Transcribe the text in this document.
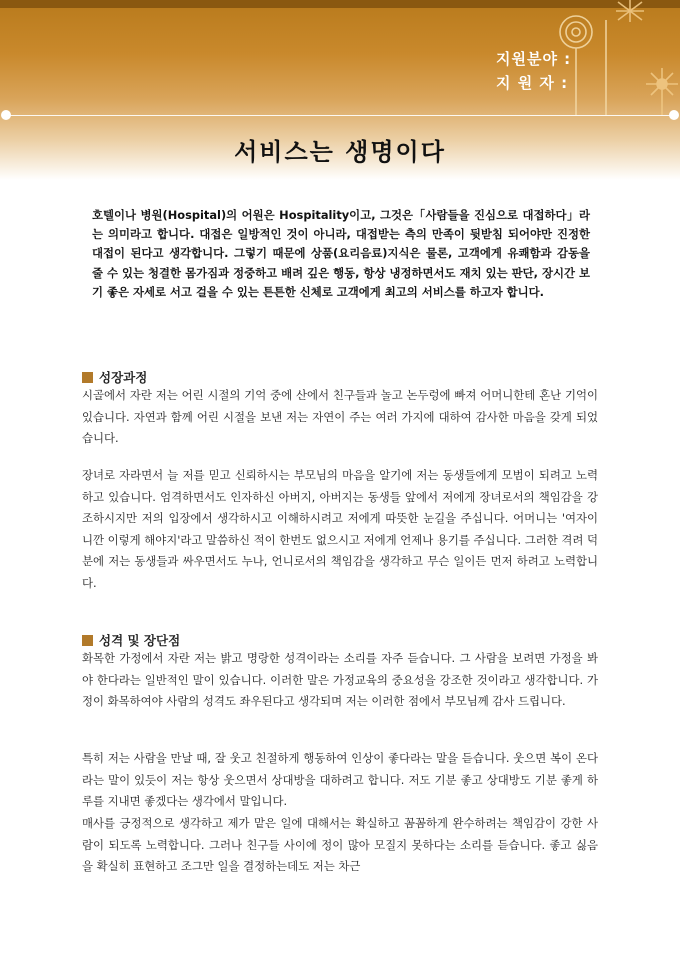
지원분야 :
지 원 자 :
서비스는 생명이다
호텔이나 병원(Hospital)의 어원은 Hospitality이고, 그것은「사람들을 진심으로 대접하다」라는 의미라고 합니다. 대접은 일방적인 것이 아니라, 대접받는 측의 만족이 뒷받침 되어야만 진정한 대접이 된다고 생각합니다. 그렇기 때문에 상품(요리음료)지식은 물론, 고객에게 유쾌함과 감동을 줄 수 있는 청결한 몸가짐과 정중하고 배려 깊은 행동, 항상 냉정하면서도 재치 있는 판단, 장시간 보기 좋은 자세로 서고 걸을 수 있는 튼튼한 신체로 고객에게 최고의 서비스를 하고자 합니다.
성장과정
시골에서 자란 저는 어린 시절의 기억 중에 산에서 친구들과 놀고 논두렁에 빠져 어머니한테 혼난 기억이 있습니다. 자연과 함께 어린 시절을 보낸 저는 자연이 주는 여러 가지에 대하여 감사한 마음을 갖게 되었습니다.
장녀로 자라면서 늘 저를 믿고 신뢰하시는 부모님의 마음을 알기에 저는 동생들에게 모범이 되려고 노력하고 있습니다. 엄격하면서도 인자하신 아버지, 아버지는 동생들 앞에서 저에게 장녀로서의 책임감을 강조하시지만 저의 입장에서 생각하시고 이해하시려고 저에게 따뜻한 눈길을 주십니다. 어머니는 '여자이니깐 이렇게 해야지'라고 말씀하신 적이 한번도 없으시고 저에게 언제나 용기를 주십니다. 그러한 격려 덕분에 저는 동생들과 싸우면서도 누나, 언니로서의 책임감을 생각하고 무슨 일이든 먼저 하려고 노력합니다.
성격 및 장단점
화목한 가정에서 자란 저는 밝고 명랑한 성격이라는 소리를 자주 듣습니다. 그 사람을 보려면 가정을 봐야 한다라는 일반적인 말이 있습니다. 이러한 말은 가정교육의 중요성을 강조한 것이라고 생각합니다. 가정이 화목하여야 사람의 성격도 좌우된다고 생각되며 저는 이러한 점에서 부모님께 감사 드립니다.
특히 저는 사람을 만날 때, 잘 웃고 친절하게 행동하여 인상이 좋다라는 말을 듣습니다. 웃으면 복이 온다라는 말이 있듯이 저는 항상 웃으면서 상대방을 대하려고 합니다. 저도 기분 좋고 상대방도 기분 좋게 하루를 지내면 좋겠다는 생각에서 말입니다.
매사를 긍정적으로 생각하고 제가 맡은 일에 대해서는 확실하고 꼼꼼하게 완수하려는 책임감이 강한 사람이 되도록 노력합니다. 그러나 친구들 사이에 정이 많아 모질지 못하다는 소리를 듣습니다. 좋고 싫음을 확실히 표현하고 조그만 일을 결정하는데도 저는 차근
